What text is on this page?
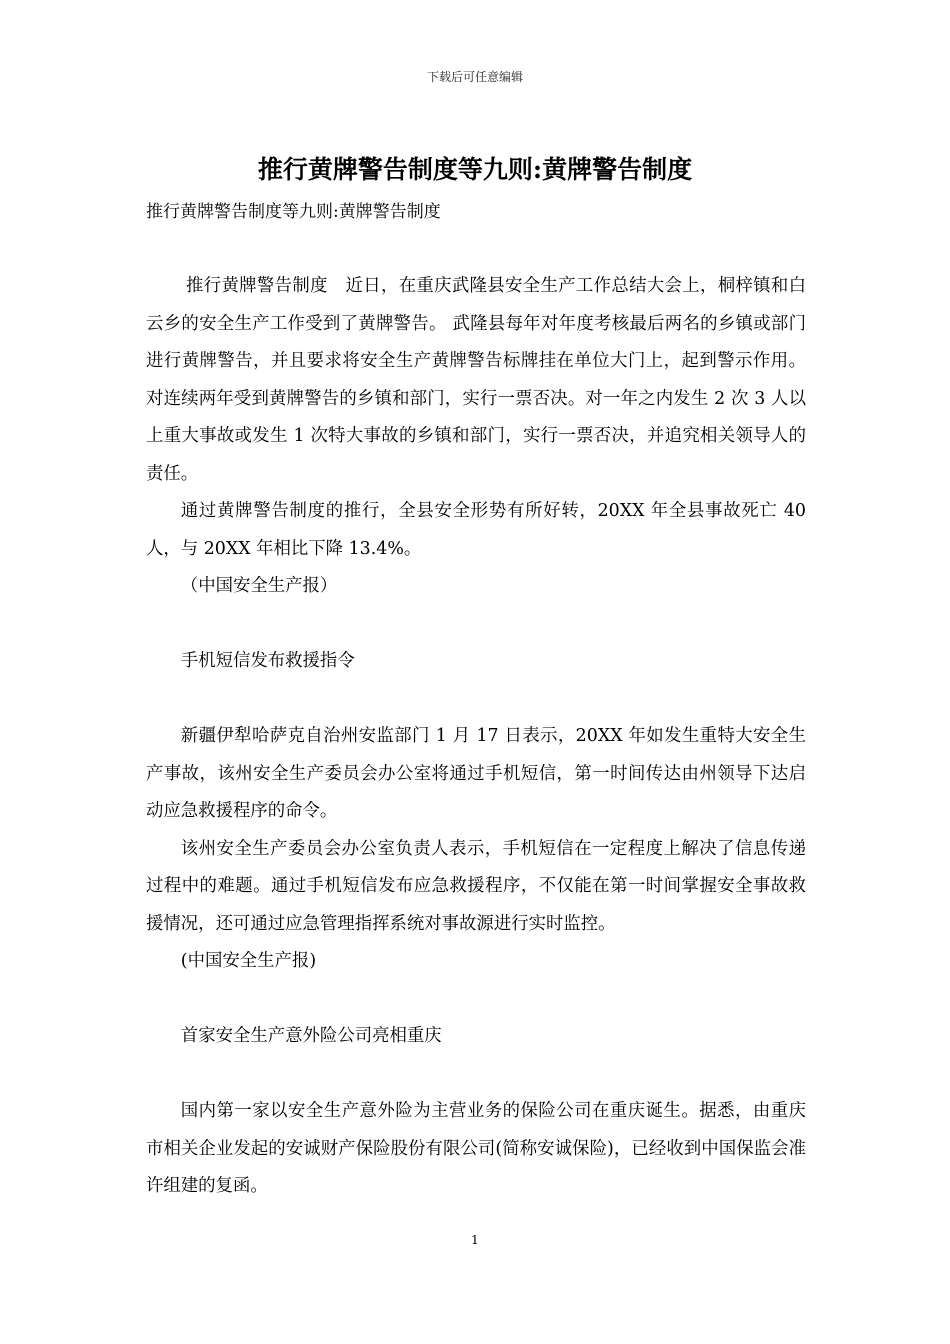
下载后可任意编辑
推行黄牌警告制度等九则:黄牌警告制度
推行黄牌警告制度等九则:黄牌警告制度

推行黄牌警告制度　近日，在重庆武隆县安全生产工作总结大会上，桐梓镇和白云乡的安全生产工作受到了黄牌警告。 武隆县每年对年度考核最后两名的乡镇或部门进行黄牌警告，并且要求将安全生产黄牌警告标牌挂在单位大门上，起到警示作用。对连续两年受到黄牌警告的乡镇和部门，实行一票否决。对一年之内发生 2 次 3 人以上重大事故或发生 1 次特大事故的乡镇和部门，实行一票否决，并追究相关领导人的责任。

通过黄牌警告制度的推行，全县安全形势有所好转，20XX 年全县事故死亡 40 人，与 20XX 年相比下降 13.4%。

（中国安全生产报）

手机短信发布救援指令

新疆伊犁哈萨克自治州安监部门 1 月 17 日表示，20XX 年如发生重特大安全生产事故，该州安全生产委员会办公室将通过手机短信，第一时间传达由州领导下达启动应急救援程序的命令。

该州安全生产委员会办公室负责人表示，手机短信在一定程度上解决了信息传递过程中的难题。通过手机短信发布应急救援程序，不仅能在第一时间掌握安全事故救援情况，还可通过应急管理指挥系统对事故源进行实时监控。

(中国安全生产报)

首家安全生产意外险公司亮相重庆

国内第一家以安全生产意外险为主营业务的保险公司在重庆诞生。据悉，由重庆市相关企业发起的安诚财产保险股份有限公司(简称安诚保险)，已经收到中国保监会准许组建的复函。

1
